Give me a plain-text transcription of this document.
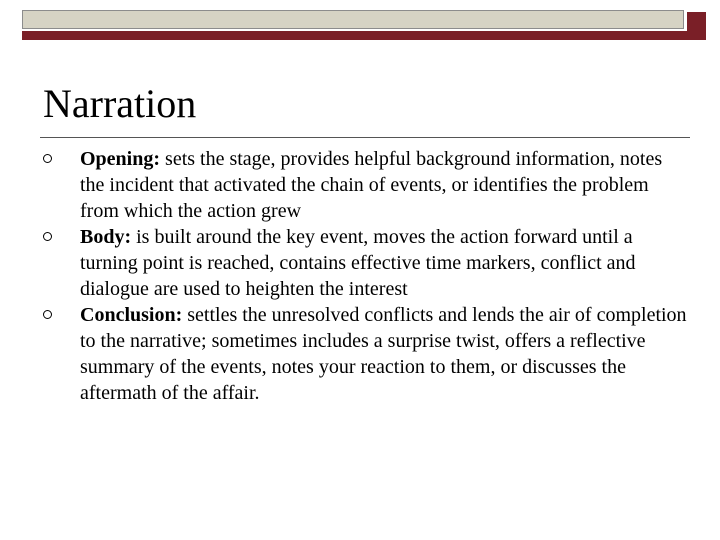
Narration
Opening: sets the stage, provides helpful background information, notes the incident that activated the chain of events, or identifies the problem from which the action grew
Body: is built around the key event, moves the action forward until a turning point is reached, contains effective time markers, conflict and dialogue are used to heighten the interest
Conclusion: settles the unresolved conflicts and lends the air of completion to the narrative; sometimes includes a surprise twist, offers a reflective summary of the events, notes your reaction to them, or discusses the aftermath of the affair.
